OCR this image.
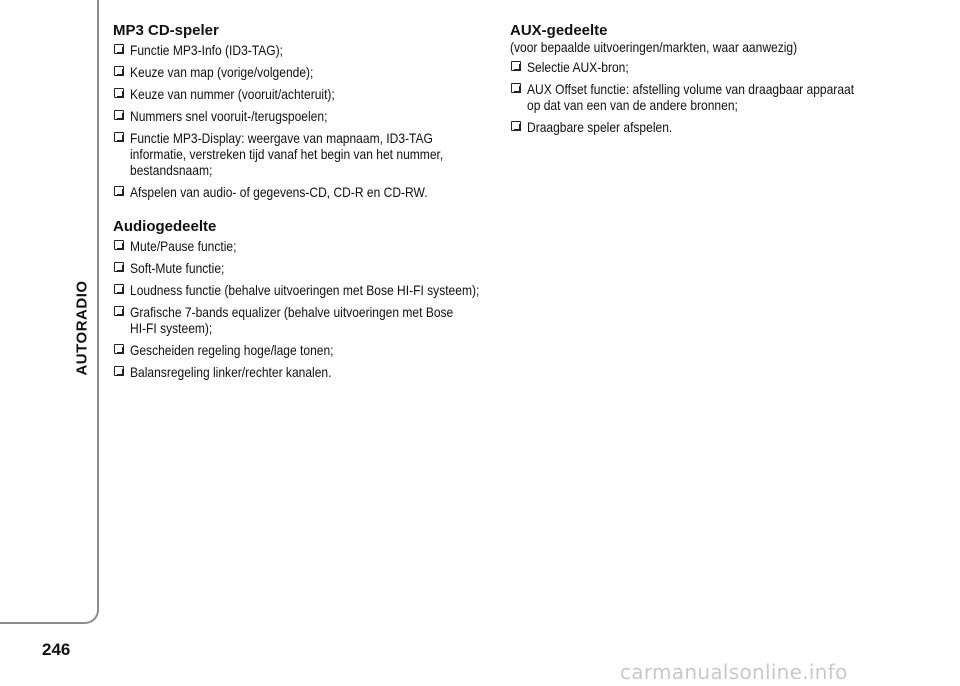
AUTORADIO
246
MP3 CD-speler
Functie MP3-Info (ID3-TAG);
Keuze van map (vorige/volgende);
Keuze van nummer (vooruit/achteruit);
Nummers snel vooruit-/terugspoelen;
Functie MP3-Display: weergave van mapnaam, ID3-TAG
informatie, verstreken tijd vanaf het begin van het nummer,
bestandsnaam;
Afspelen van audio- of gegevens-CD, CD-R en CD-RW.
Audiogedeelte
Mute/Pause functie;
Soft-Mute functie;
Loudness functie (behalve uitvoeringen met Bose HI-FI systeem);
Grafische 7-bands equalizer (behalve uitvoeringen met Bose
HI-FI systeem);
Gescheiden regeling hoge/lage tonen;
Balansregeling linker/rechter kanalen.
AUX-gedeelte
(voor bepaalde uitvoeringen/markten, waar aanwezig)
Selectie AUX-bron;
AUX Offset functie: afstelling volume van draagbaar apparaat
op dat van een van de andere bronnen;
Draagbare speler afspelen.
carmanualsonline.info
